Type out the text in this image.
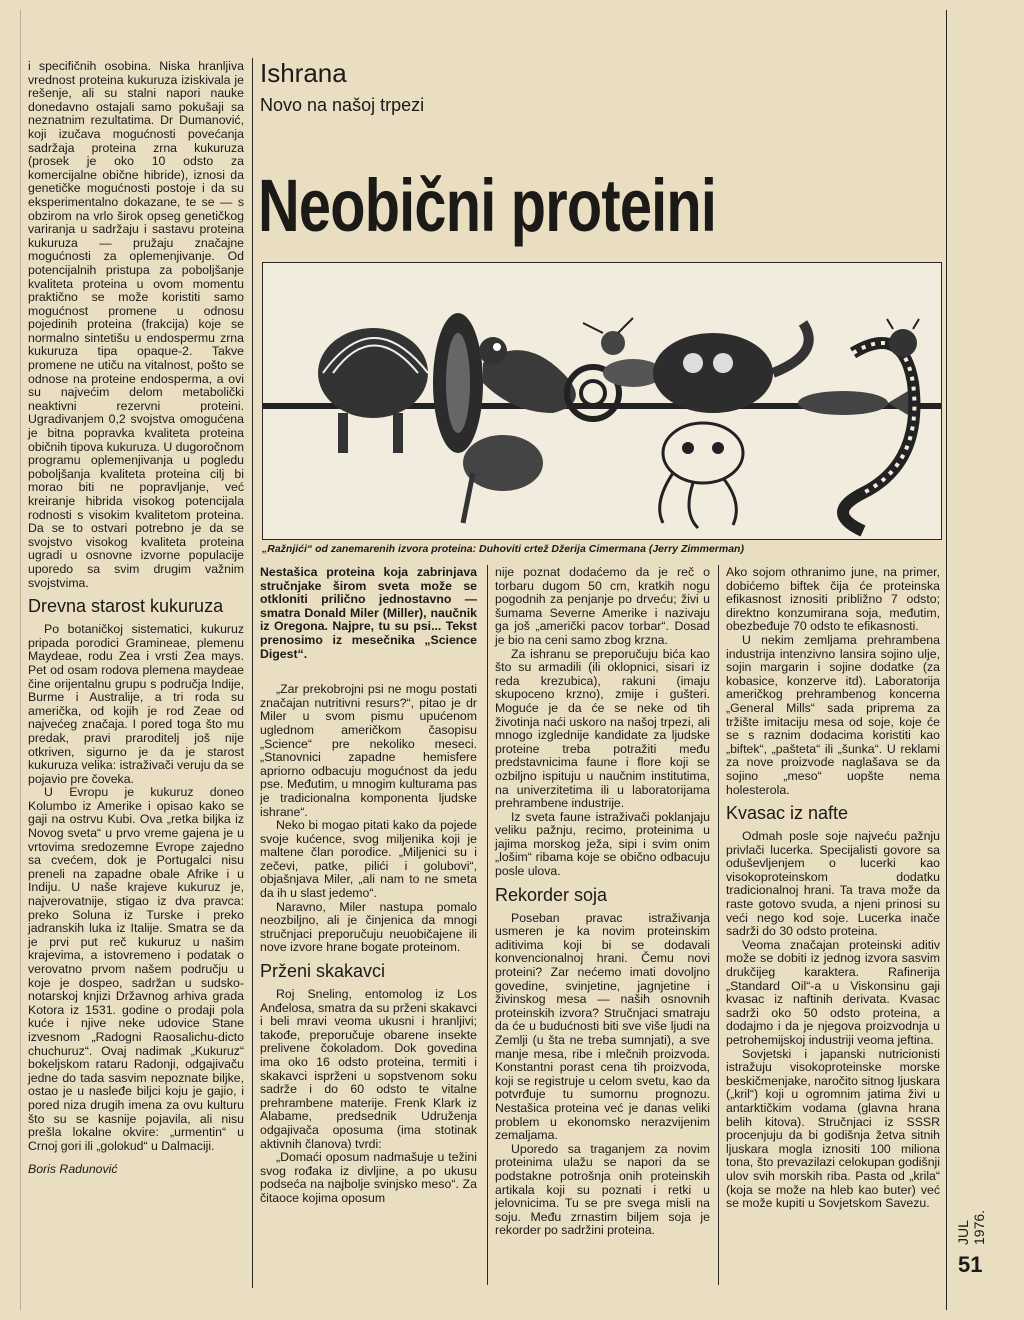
Ishrana
Novo na našoj trpezi
Neobični proteini
„Ražnjići“ od zanemarenih izvora proteina: Duhoviti crtež Džerija Cimermana (Jerry Zimmerman)

i specifičnih osobina. Niska hranljiva vrednost proteina kukuruza iziskivala je rešenje, ali su stalni napori nauke donedavno ostajali samo pokušaji sa neznatnim rezultatima. Dr Dumanović, koji izučava mogućnosti povećanja sadržaja proteina zrna kukuruza (prosek je oko 10 odsto za komercijalne obične hibride), iznosi da genetičke mogućnosti postoje i da su eksperimentalno dokazane, te se — s obzirom na vrlo širok opseg genetičkog variranja u sadržaju i sastavu proteina kukuruza — pružaju značajne mogućnosti za oplemenjivanje. Od potencijalnih pristupa za poboljšanje kvaliteta proteina u ovom momentu praktično se može koristiti samo mogućnost promene u odnosu pojedinih proteina (frakcija) koje se normalno sintetišu u endospermu zrna kukuruza tipa opaque-2. Takve promene ne utiču na vitalnost, pošto se odnose na proteine endosperma, a ovi su najvećim delom metabolički neaktivni rezervni proteini. Ugradivanjem 0,2 svojstva omogućena je bitna popravka kvaliteta proteina običnih tipova kukuruza. U dugoročnom programu oplemenjivanja u pogledu poboljšanja kvaliteta proteina cilj bi morao biti ne popravljanje, već kreiranje hibrida visokog potencijala rodnosti s visokim kvalitetom proteina. Da se to ostvari potrebno je da se svojstvo visokog kvaliteta proteina ugradi u osnovne izvorne populacije uporedo sa svim drugim važnim svojstvima.

Drevna starost kukuruza

Po botaničkoj sistematici, kukuruz pripada porodici Gramineae, plemenu Maydeae, rodu Zea i vrsti Zea mays. Pet od osam rodova plemena maydeae čine orijentalnu grupu s područja Indije, Burme i Australije, a tri roda su američka, od kojih je rod Zeae od najvećeg značaja. I pored toga što mu predak, pravi praroditelj još nije otkriven, sigurno je da je starost kukuruza velika: istraživači veruju da se pojavio pre čoveka.

U Evropu je kukuruz doneo Kolumbo iz Amerike i opisao kako se gaji na ostrvu Kubi. Ova „retka biljka iz Novog sveta“ u prvo vreme gajena je u vrtovima sredozemne Evrope zajedno sa cvećem, dok je Portugalci nisu preneli na zapadne obale Afrike i u Indiju. U naše krajeve kukuruz je, najverovatnije, stigao iz dva pravca: preko Soluna iz Turske i preko jadranskih luka iz Italije. Smatra se da je prvi put reč kukuruz u našim krajevima, a istovremeno i podatak o verovatno prvom našem području u koje je dospeo, sadržan u sudsko-notarskoj knjizi Državnog arhiva grada Kotora iz 1531. godine o prodaji pola kuće i njive neke udovice Stane izvesnom „Radogni Raosalichu-dicto chuchuruz“. Ovaj nadimak „Kukuruz“ bokeljskom rataru Radonji, odgajivaču jedne do tada sasvim nepoznate biljke, ostao je u nasleđe biljci koju je gajio, i pored niza drugih imena za ovu kulturu što su se kasnije pojavila, ali nisu prešla lokalne okvire: „urmentin“ u Crnoj gori ili „golokud“ u Dalmaciji.

Boris Radunović

Nestašica proteina koja zabrinjava stručnjake širom sveta može se otkloniti prilično jednostavno — smatra Donald Miler (Miller), naučnik iz Oregona. Najpre, tu su psi... Tekst prenosimo iz mesečnika „Science Digest“.

„Zar prekobrojni psi ne mogu postati značajan nutritivni resurs?“, pitao je dr Miler u svom pismu upućenom uglednom američkom časopisu „Science“ pre nekoliko meseci. „Stanovnici zapadne hemisfere apriorno odbacuju mogućnost da jedu pse. Međutim, u mnogim kulturama pas je tradicionalna komponenta ljudske ishrane“.

Neko bi mogao pitati kako da pojede svoje kućence, svog miljenika koji je maltene član porodice. „Miljenici su i zečevi, patke, pilići i golubovi“, objašnjava Miler, „ali nam to ne smeta da ih u slast jedemo“.

Naravno, Miler nastupa pomalo neozbiljno, ali je činjenica da mnogi stručnjaci preporučuju neuobičajene ili nove izvore hrane bogate proteinom.

Prženi skakavci

Roj Sneling, entomolog iz Los Anđelosa, smatra da su prženi skakavci i beli mravi veoma ukusni i hranljivi; takođe, preporučuje obarene insekte prelivene čokoladom. Dok govedina ima oko 16 odsto proteina, termiti i skakavci isprženi u sopstvenom soku sadrže i do 60 odsto te vitalne prehrambene materije. Frenk Klark iz Alabame, predsednik Udruženja odgajivača oposuma (ima stotinak aktivnih članova) tvrdi:

„Domaći oposum nadmašuje u težini svog rođaka iz divljine, a po ukusu podseća na najbolje svinjsko meso“. Za čitaoce kojima oposum

nije poznat dodaćemo da je reč o torbaru dugom 50 cm, kratkih nogu pogodnih za penjanje po drveću; živi u šumama Severne Amerike i nazivaju ga još „američki pacov torbar“. Dosad je bio na ceni samo zbog krzna.

Za ishranu se preporučuju bića kao što su armadili (ili oklopnici, sisari iz reda krezubica), rakuni (imaju skupoceno krzno), zmije i gušteri. Moguće je da će se neke od tih životinja naći uskoro na našoj trpezi, ali mnogo izglednije kandidate za ljudske proteine treba potražiti među predstavnicima faune i flore koji se ozbiljno ispituju u naučnim institutima, na univerzitetima ili u laboratorijama prehrambene industrije.

Iz sveta faune istraživači poklanjaju veliku pažnju, recimo, proteinima u jajima morskog ježa, sipi i svim onim „lošim“ ribama koje se obično odbacuju posle ulova.

Rekorder soja

Poseban pravac istraživanja usmeren je ka novim proteinskim aditivima koji bi se dodavali konvencionalnoj hrani. Čemu novi proteini? Zar nećemo imati dovoljno govedine, svinjetine, jagnjetine i živinskog mesa — naših osnovnih proteinskih izvora? Stručnjaci smatraju da će u budućnosti biti sve više ljudi na Zemlji (u šta ne treba sumnjati), a sve manje mesa, ribe i mlečnih proizvoda. Konstantni porast cena tih proizvoda, koji se registruje u celom svetu, kao da potvrđuje tu sumornu prognozu. Nestašica proteina već je danas veliki problem u ekonomsko nerazvijenim zemaljama.

Uporedo sa traganjem za novim proteinima ulažu se napori da se podstakne potrošnja onih proteinskih artikala koji su poznati i retki u jelovnicima. Tu se pre svega misli na soju. Među zrnastim biljem soja je rekorder po sadržini proteina.

Ako sojom othranimo june, na primer, dobićemo biftek čija će proteinska efikasnost iznositi približno 7 odsto; direktno konzumirana soja, međutim, obezbeđuje 70 odsto te efikasnosti.

U nekim zemljama prehrambena industrija intenzivno lansira sojino ulje, sojin margarin i sojine dodatke (za kobasice, konzerve itd). Laboratorija američkog prehrambenog koncerna „General Mills“ sada priprema za tržište imitaciju mesa od soje, koje će se s raznim dodacima koristiti kao „biftek“, „pašteta“ ili „šunka“. U reklami za nove proizvode naglašava se da sojino „meso“ uopšte nema holesterola.

Kvasac iz nafte

Odmah posle soje najveću pažnju privlači lucerka. Specijalisti govore sa oduševljenjem o lucerki kao visokoproteinskom dodatku tradicionalnoj hrani. Ta trava može da raste gotovo svuda, a njeni prinosi su veći nego kod soje. Lucerka inače sadrži do 30 odsto proteina.

Veoma značajan proteinski aditiv može se dobiti iz jednog izvora sasvim drukčijeg karaktera. Rafinerija „Standard Oil“-a u Viskonsinu gaji kvasac iz naftinih derivata. Kvasac sadrži oko 50 odsto proteina, a dodajmo i da je njegova proizvodnja u petrohemijskoj industriji veoma jeftina.

Sovjetski i japanski nutricionisti istražuju visokoproteinske morske beskičmenjake, naročito sitnog ljuskara („kril“) koji u ogromnim jatima živi u antarktičkim vodama (glavna hrana belih kitova). Stručnjaci iz SSSR procenjuju da bi godišnja žetva sitnih ljuskara mogla iznositi 100 miliona tona, što prevazilazi celokupan godišnji ulov svih morskih riba. Pasta od „krila“ (koja se može na hleb kao buter) već se može kupiti u Sovjetskom Savezu.

JUL 1976.
51
